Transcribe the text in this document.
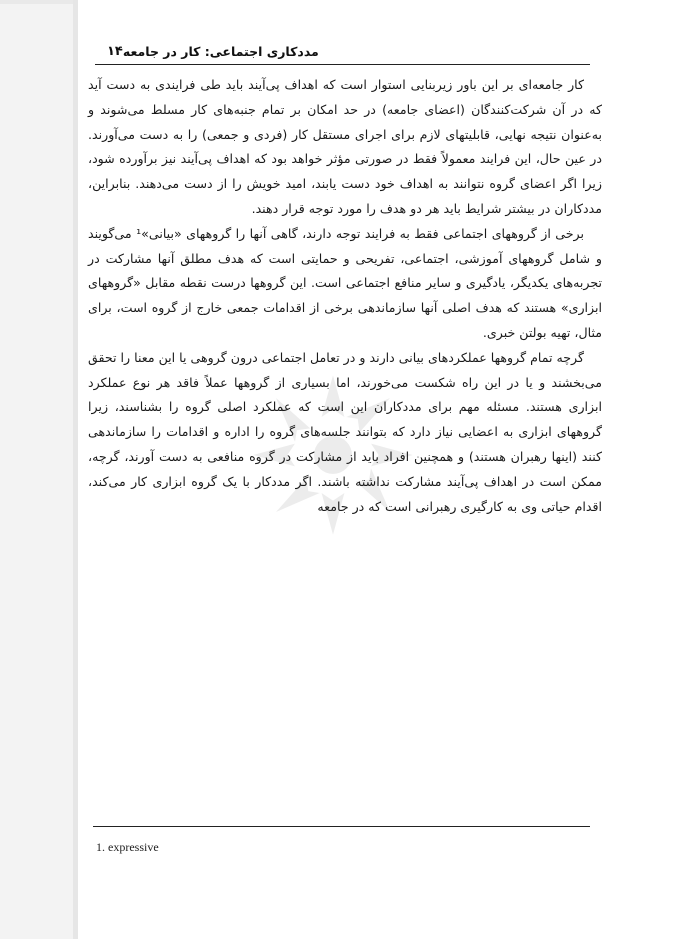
۱۴ مددکاری اجتماعی: کار در جامعه

کار جامعه‌ای بر این باور زیربنایی استوار است که اهداف پی‌آیند باید طی فرایندی به دست آید که در آن شرکت‌کنندگان (اعضای جامعه) در حد امکان بر تمام جنبه‌های کار مسلط می‌شوند و به‌عنوان نتیجه نهایی، قابلیتهای لازم برای اجرای مستقل کار (فردی و جمعی) را به دست می‌آورند. در عین حال، این فرایند معمولاً فقط در صورتی مؤثر خواهد بود که اهداف پی‌آیند نیز برآورده شود، زیرا اگر اعضای گروه نتوانند به اهداف خود دست یابند، امید خویش را از دست می‌دهند. بنابراین، مددکاران در بیشتر شرایط باید هر دو هدف را مورد توجه قرار دهند.

برخی از گروههای اجتماعی فقط به فرایند توجه دارند، گاهی آنها را گروههای «بیانی»¹ می‌گویند و شامل گروههای آموزشی، اجتماعی، تفریحی و حمایتی است که هدف مطلق آنها مشارکت در تجربه‌های یکدیگر، یادگیری و سایر منافع اجتماعی است. این گروهها درست نقطه مقابل «گروههای ابزاری» هستند که هدف اصلی آنها سازماندهی برخی از اقدامات جمعی خارج از گروه است، برای مثال، تهیه بولتن خبری.

گرچه تمام گروهها عملکردهای بیانی دارند و در تعامل اجتماعی درون گروهی یا این معنا را تحقق می‌بخشند و یا در این راه شکست می‌خورند، اما بسیاری از گروهها عملاً فاقد هر نوع عملکرد ابزاری هستند. مسئله مهم برای مددکاران این است که عملکرد اصلی گروه را بشناسند، زیرا گروههای ابزاری به اعضایی نیاز دارد که بتوانند جلسه‌های گروه را اداره و اقدامات را سازماندهی کنند (اینها رهبران هستند) و همچنین افراد باید از مشارکت در گروه منافعی به دست آورند، گرچه، ممکن است در اهداف پی‌آیند مشارکت نداشته باشند. اگر مددکار با یک گروه ابزاری کار می‌کند، اقدام حیاتی وی به کارگیری رهبرانی است که در جامعه

1. expressive
